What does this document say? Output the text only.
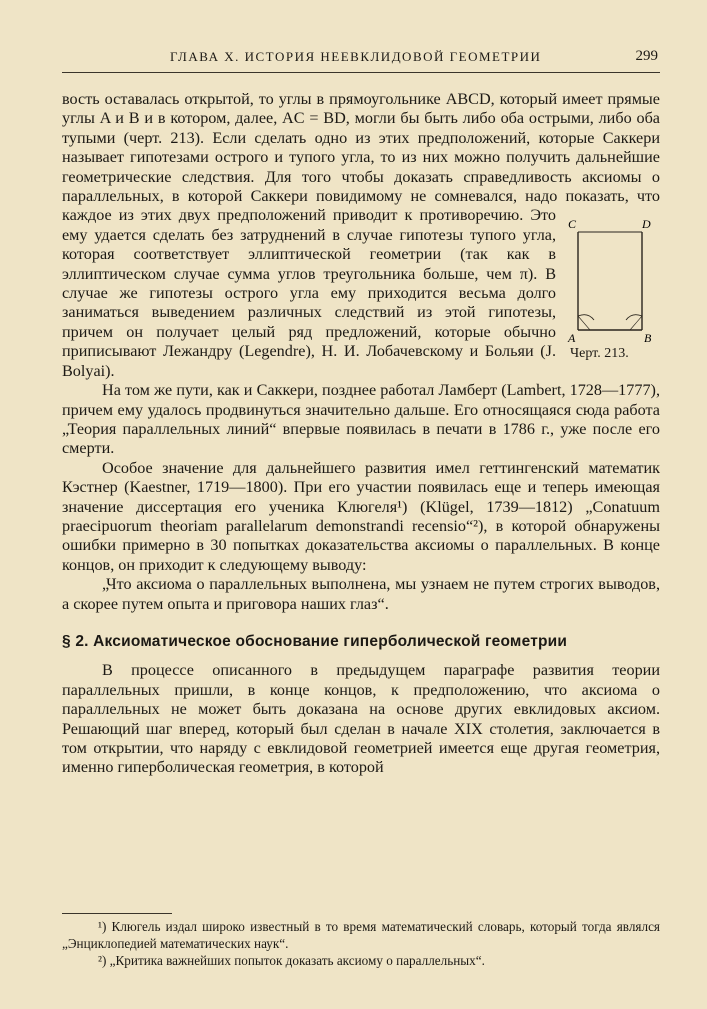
ГЛАВА X. ИСТОРИЯ НЕЕВКЛИДОВОЙ ГЕОМЕТРИИ	299

вость оставалась открытой, то углы в прямоугольнике ABCD, который имеет прямые углы A и B и в котором, далее, AC = BD, могли бы быть либо оба острыми, либо оба тупыми (черт. 213). Если сделать одно из этих предположений, которые Саккери называет гипотезами острого и тупого угла, то из них можно получить дальнейшие геометрические следствия. Для того чтобы доказать справедливость аксиомы о параллельных, в которой Саккери повидимому не сомневался, надо показать, что каждое из этих двух предположений приводит к противоречию. Это C	D
A	B
Черт. 213.
ему удается сделать без затруднений в случае гипотезы тупого угла, которая соответствует эллиптической геометрии (так как в эллиптическом случае сумма углов треугольника больше, чем π). В случае же гипотезы острого угла ему приходится весьма долго заниматься выведением различных следствий из этой гипотезы, причем он получает целый ряд предложений, которые обычно приписывают Лежандру (Legendre), Н. И. Лобачевскому и Больяи (J. Bolyai).

На том же пути, как и Саккери, позднее работал Ламберт (Lambert, 1728—1777), причем ему удалось продвинуться значительно дальше. Его относящаяся сюда работа „Теория параллельных линий“ впервые появилась в печати в 1786 г., уже после его смерти.

Особое значение для дальнейшего развития имел геттингенский математик Кэстнер (Kaestner, 1719—1800). При его участии появилась еще и теперь имеющая значение диссертация его ученика Клюгеля¹) (Klügel, 1739—1812) „Conatuum praecipuorum theoriam parallelarum demonstrandi recensio“²), в которой обнаружены ошибки примерно в 30 попытках доказательства аксиомы о параллельных. В конце концов, он приходит к следующему выводу:

„Что аксиома о параллельных выполнена, мы узнаем не путем строгих выводов, а скорее путем опыта и приговора наших глаз“.

§ 2. Аксиоматическое обоснование гиперболической геометрии

В процессе описанного в предыдущем параграфе развития теории параллельных пришли, в конце концов, к предположению, что аксиома о параллельных не может быть доказана на основе других евклидовых аксиом. Решающий шаг вперед, который был сделан в начале XIX столетия, заключается в том открытии, что наряду с евклидовой геометрией имеется еще другая геометрия, именно гиперболическая геометрия, в которой

¹) Клюгель издал широко известный в то время математический словарь, который тогда являлся „Энциклопедией математических наук“.

²) „Критика важнейших попыток доказать аксиому о параллельных“.
